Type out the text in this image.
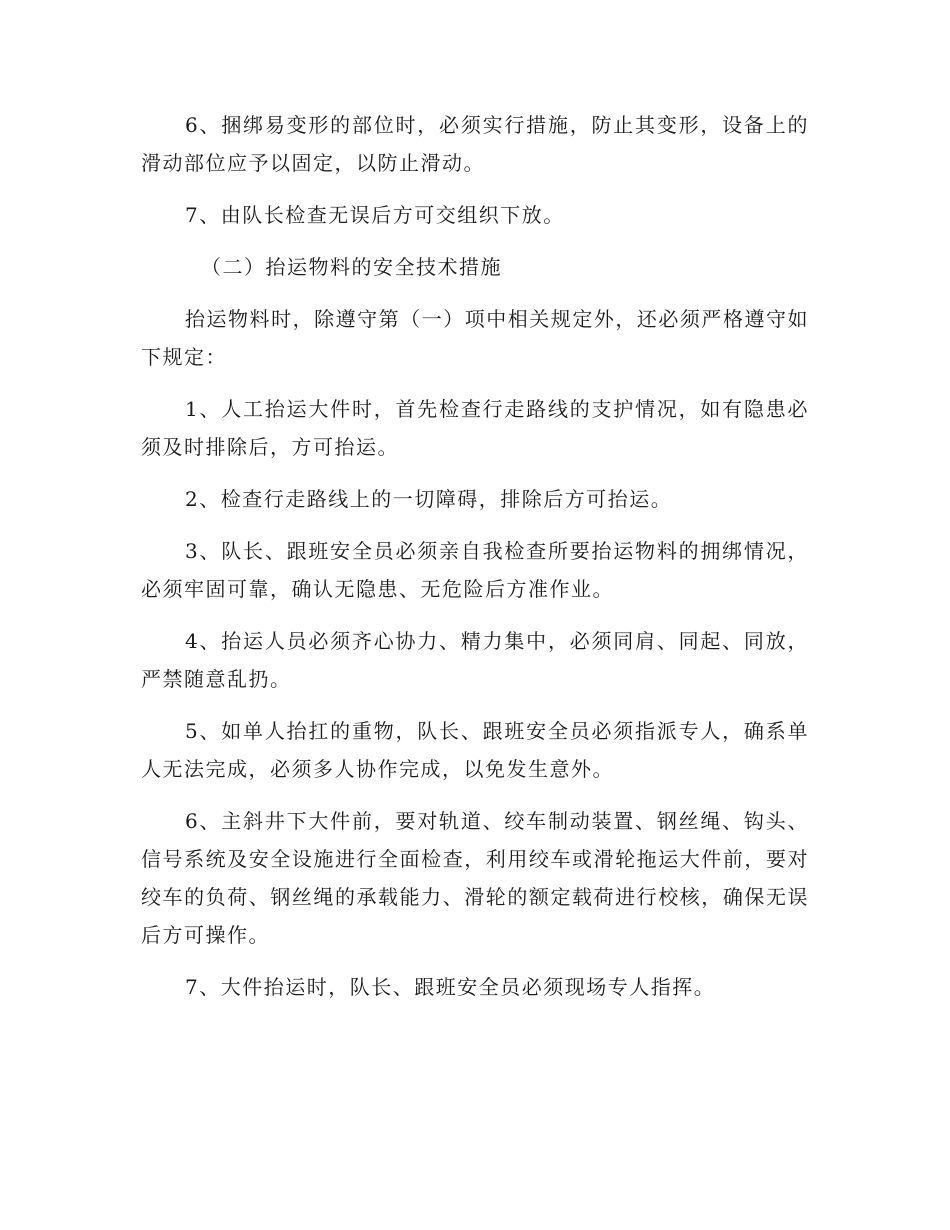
6、捆绑易变形的部位时，必须实行措施，防止其变形，设备上的滑动部位应予以固定，以防止滑动。

7、由队长检查无误后方可交组织下放。

（二）抬运物料的安全技术措施

抬运物料时，除遵守第（一）项中相关规定外，还必须严格遵守如下规定：

1、人工抬运大件时，首先检查行走路线的支护情况，如有隐患必须及时排除后，方可抬运。

2、检查行走路线上的一切障碍，排除后方可抬运。

3、队长、跟班安全员必须亲自我检查所要抬运物料的拥绑情况，必须牢固可靠，确认无隐患、无危险后方准作业。

4、抬运人员必须齐心协力、精力集中，必须同肩、同起、同放，严禁随意乱扔。

5、如单人抬扛的重物，队长、跟班安全员必须指派专人，确系单人无法完成，必须多人协作完成，以免发生意外。

6、主斜井下大件前，要对轨道、绞车制动装置、钢丝绳、钩头、信号系统及安全设施进行全面检查，利用绞车或滑轮拖运大件前，要对绞车的负荷、钢丝绳的承载能力、滑轮的额定载荷进行校核，确保无误后方可操作。

7、大件抬运时，队长、跟班安全员必须现场专人指挥。
